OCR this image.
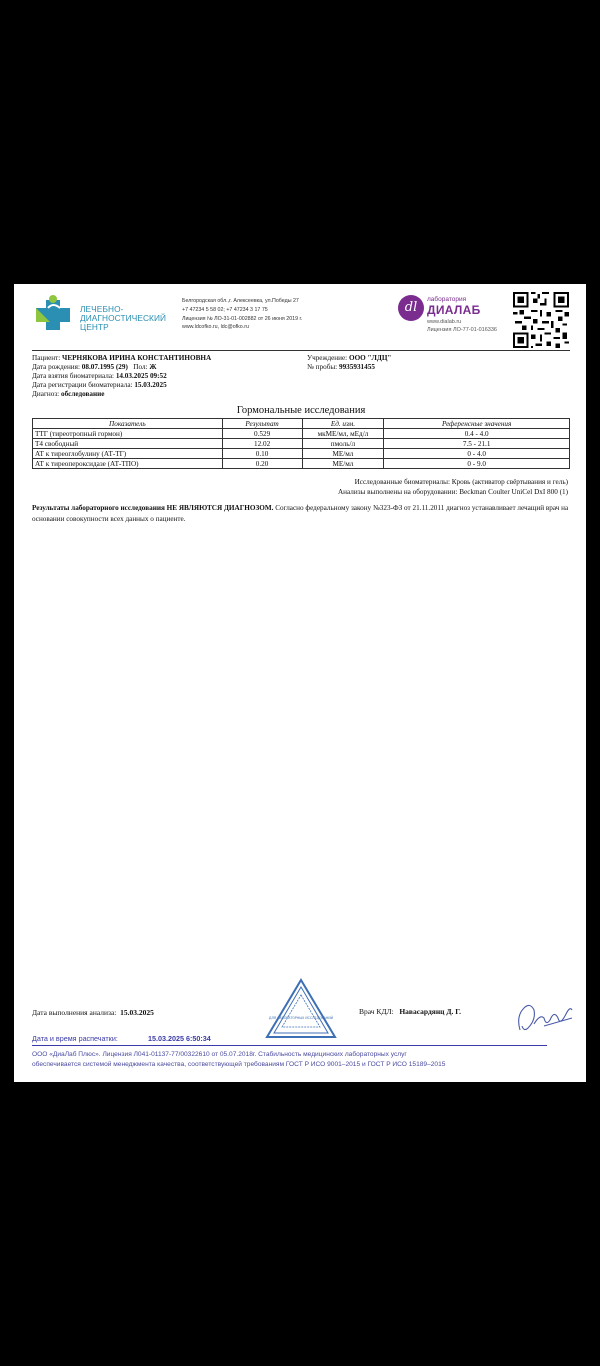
ЛЕЧЕБНО-
ДИАГНОСТИЧЕСКИЙ
ЦЕНТР
Белгородская обл.,г. Алексеевка, ул.Победы 27
+7 47234 5 58 02; +7 47234 3 17 75
Лицензия № ЛО-31-01-002882 от 26 июня 2019 г.
www.ldcofko.ru, ldc@ofko.ru
dl
лаборатория
ДИАЛАБ
www.dialab.ru
Лицензия ЛО-77-01-016336
Пациент: ЧЕРНЯКОВА ИРИНА КОНСТАНТИНОВНА	Учреждение: ООО "ЛДЦ"
Дата рождения: 08.07.1995 (29) Пол: Ж	№ пробы: 9935931455
Дата взятия биоматериала: 14.03.2025 09:52
Дата регистрации биоматериала: 15.03.2025
Диагноз: обследование
Гормональные исследования
Показатель	Результат	Ед. изм.	Референсные значения
ТТГ (тиреотропный гормон)	0.529	мкМЕ/мл, мЕд/л	0.4 - 4.0
Т4 свободный	12.02	пмоль/л	7.5 - 21.1
АТ к тиреоглобулину (АТ-ТГ)	0.10	МЕ/мл	0 - 4.0
АТ к тиреопероксидазе (АТ-ТПО)	0.20	МЕ/мл	0 - 9.0
Исследованные биоматериалы: Кровь (активатор свёртывания и гель)
Анализы выполнены на оборудовании: Beckman Coulter UniCel DxI 800 (1)
Результаты лабораторного исследования НЕ ЯВЛЯЮТСЯ ДИАГНОЗОМ. Согласно федеральному закону №323-ФЗ от 21.11.2011 диагноз устанавливает лечащий врач на основании совокупности всех данных о пациенте.
Дата выполнения анализа: 15.03.2025
ДЛЯ ЛАБОРАТОРНЫХ ИССЛЕДОВАНИЙ
Врач КДЛ: Навасардянц Д. Г.
Дата и время распечатки:	15.03.2025 6:50:34
ООО «ДиаЛаб Плюс». Лицензия Л041-01137-77/00322610 от 05.07.2018г. Стабильность медицинских лабораторных услуг
обеспечивается системой менеджмента качества, соответствующей требованиям ГОСТ Р ИСО 9001–2015 и ГОСТ Р ИСО 15189–2015
